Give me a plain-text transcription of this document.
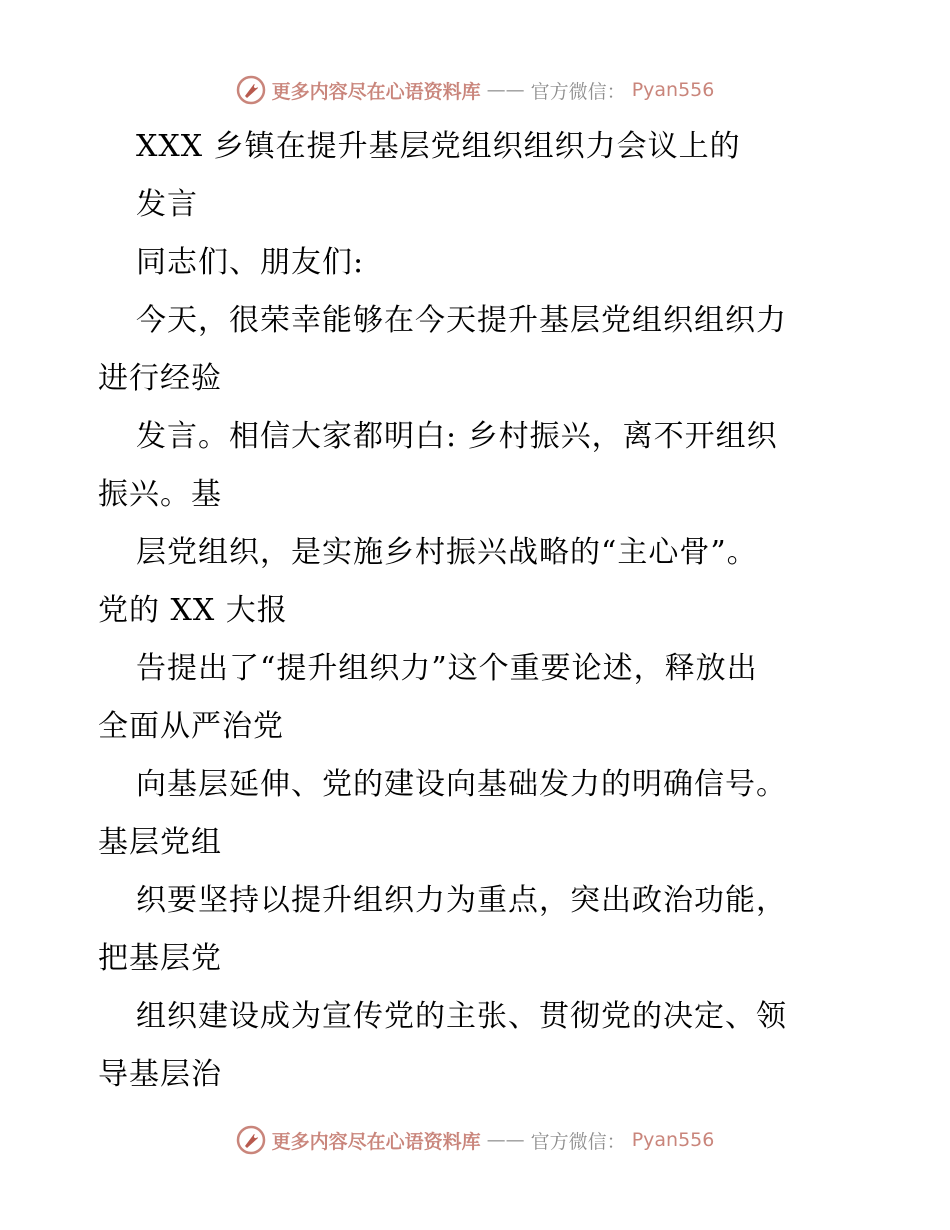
更多内容尽在心语资料库 —— 官方微信： Pyan556
XXX 乡镇在提升基层党组织组织力会议上的
发言
同志们、朋友们:
今天，很荣幸能够在今天提升基层党组织组织力
进行经验
发言。相信大家都明白: 乡村振兴，离不开组织
振兴。基
层党组织，是实施乡村振兴战略的“主心骨”。
党的 XX 大报
告提出了“提升组织力”这个重要论述，释放出
全面从严治党
向基层延伸、党的建设向基础发力的明确信号。
基层党组
织要坚持以提升组织力为重点，突出政治功能，
把基层党
组织建设成为宣传党的主张、贯彻党的决定、领
导基层治
更多内容尽在心语资料库 —— 官方微信： Pyan556
